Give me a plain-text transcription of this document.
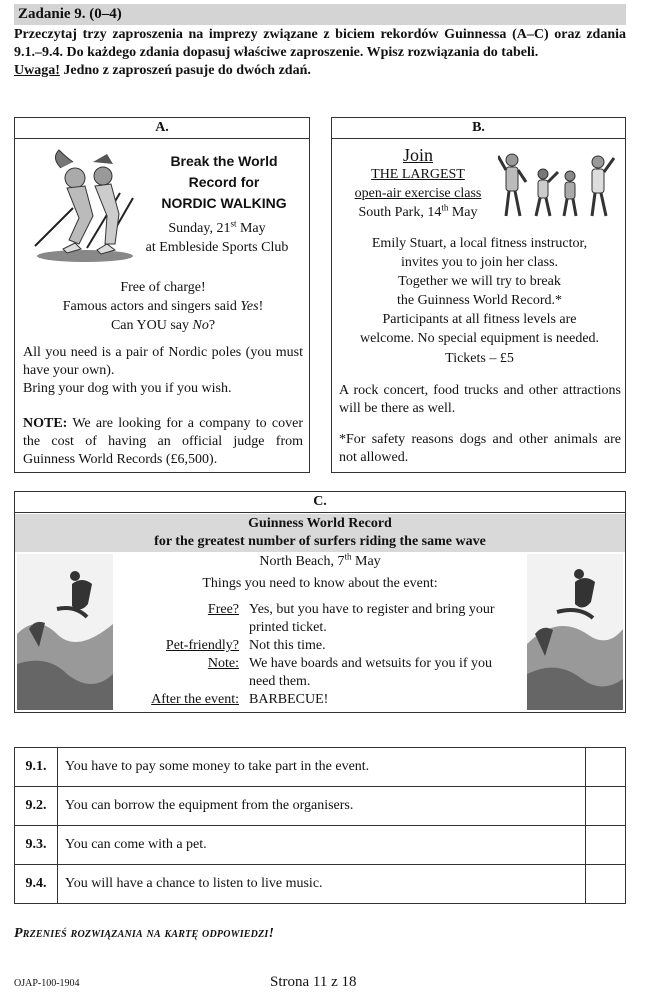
Zadanie 9. (0–4)
Przeczytaj trzy zaproszenia na imprezy związane z biciem rekordów Guinnessa (A–C) oraz zdania 9.1.–9.4. Do każdego zdania dopasuj właściwe zaproszenie. Wpisz rozwiązania do tabeli.
Uwaga! Jedno z zaproszeń pasuje do dwóch zdań.
A.
Break the World
Record for
NORDIC WALKING
Sunday, 21st May
at Embleside Sports Club
Free of charge!
Famous actors and singers said Yes!
Can YOU say No?
All you need is a pair of Nordic poles (you must have your own).
Bring your dog with you if you wish.
NOTE: We are looking for a company to cover the cost of having an official judge from Guinness World Records (£6,500).
B.
Join
THE LARGEST
open-air exercise class
South Park, 14th May
Emily Stuart, a local fitness instructor,
invites you to join her class.
Together we will try to break
the Guinness World Record.*
Participants at all fitness levels are
welcome. No special equipment is needed.
Tickets – £5
A rock concert, food trucks and other attractions will be there as well.
*For safety reasons dogs and other animals are not allowed.
C.
Guinness World Record
for the greatest number of surfers riding the same wave
North Beach, 7th May
Things you need to know about the event:
Free? Yes, but you have to register and bring your printed ticket.
Pet-friendly? Not this time.
Note: We have boards and wetsuits for you if you need them.
After the event: BARBECUE!
9.1.	You have to pay some money to take part in the event.	
9.2.	You can borrow the equipment from the organisers.	
9.3.	You can come with a pet.	
9.4.	You will have a chance to listen to live music.	
Przenieś rozwiązania na kartę odpowiedzi!
OJAP-100-1904	Strona 11 z 18
